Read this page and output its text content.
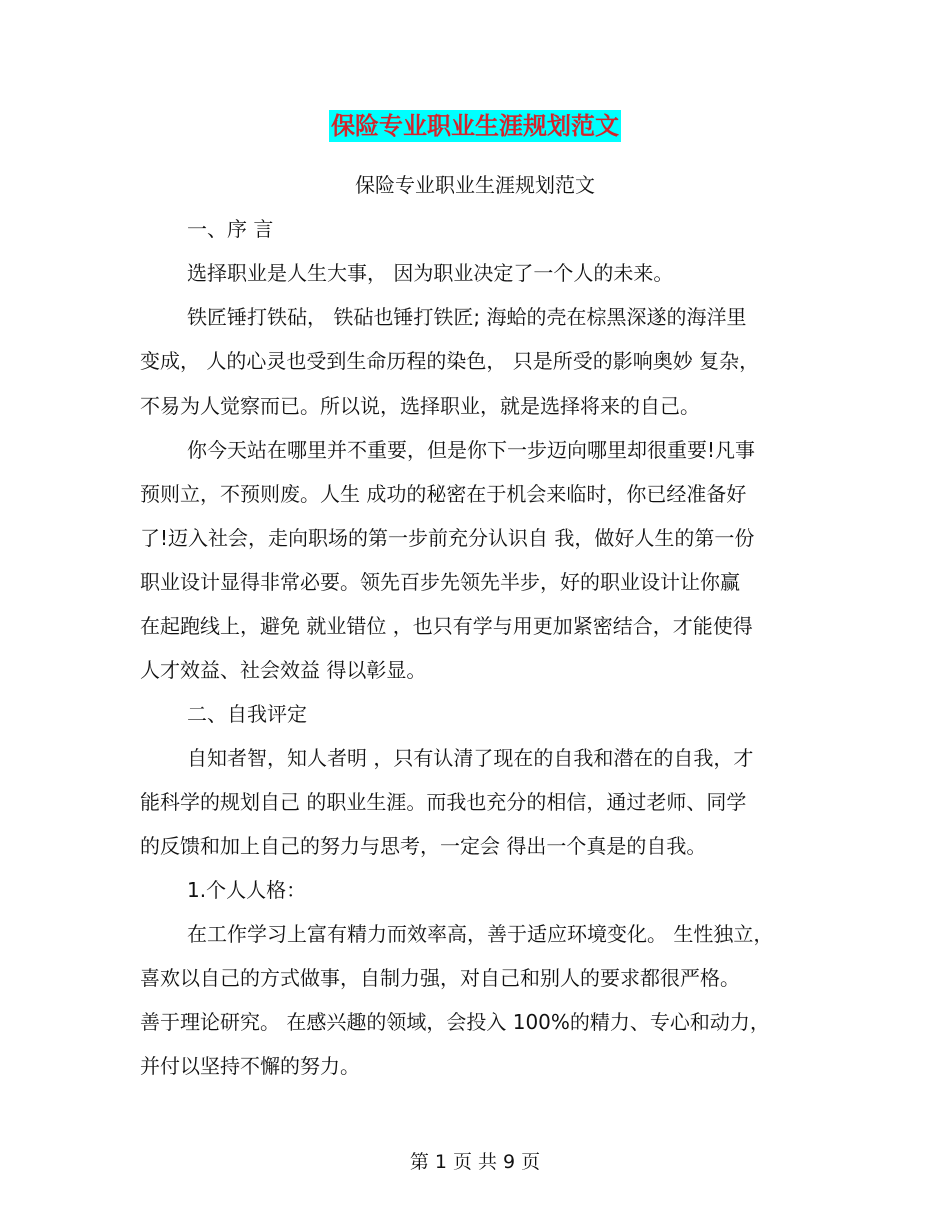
保险专业职业生涯规划范文
保险专业职业生涯规划范文
一、序 言
选择职业是人生大事， 因为职业决定了一个人的未来。
铁匠锤打铁砧， 铁砧也锤打铁匠; 海蛤的壳在棕黑深遂的海洋里
变成， 人的心灵也受到生命历程的染色， 只是所受的影响奥妙 复杂，
不易为人觉察而已。所以说，选择职业，就是选择将来的自己。
你今天站在哪里并不重要，但是你下一步迈向哪里却很重要!凡事
预则立，不预则废。人生 成功的秘密在于机会来临时，你已经准备好
了!迈入社会，走向职场的第一步前充分认识自 我，做好人生的第一份
职业设计显得非常必要。领先百步先领先半步，好的职业设计让你赢
在起跑线上，避免 就业错位 ，也只有学与用更加紧密结合，才能使得
人才效益、社会效益 得以彰显。
二、自我评定
自知者智，知人者明 ，只有认清了现在的自我和潜在的自我，才
能科学的规划自己 的职业生涯。而我也充分的相信，通过老师、同学
的反馈和加上自己的努力与思考，一定会 得出一个真是的自我。
1.个人人格：
在工作学习上富有精力而效率高，善于适应环境变化。 生性独立，
喜欢以自己的方式做事，自制力强，对自己和别人的要求都很严格。
善于理论研究。 在感兴趣的领域，会投入 100%的精力、专心和动力，
并付以坚持不懈的努力。
第 1 页 共 9 页
